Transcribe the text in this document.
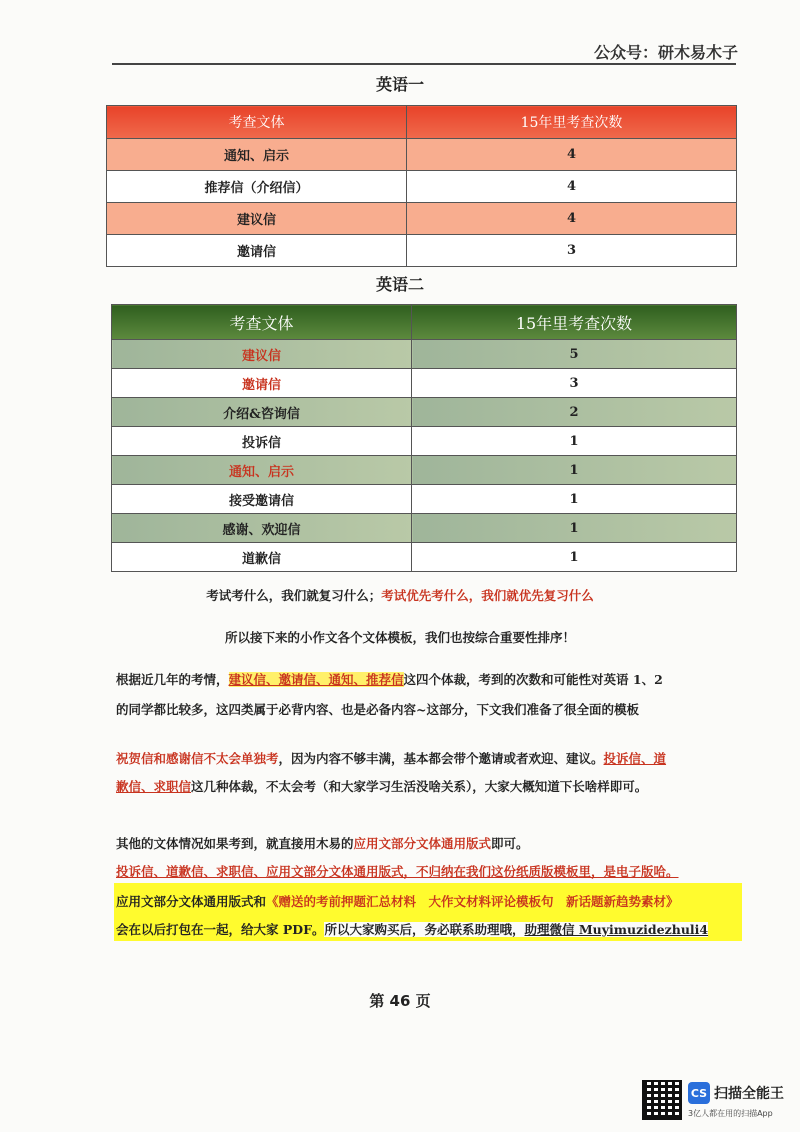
公众号：研木易木子
英语一
考查文体	15年里考查次数
通知、启示	4
推荐信（介绍信）	4
建议信	4
邀请信	3
英语二
考查文体	15年里考查次数
建议信	5
邀请信	3
介绍&咨询信	2
投诉信	1
通知、启示	1
接受邀请信	1
感谢、欢迎信	1
道歉信	1
考试考什么，我们就复习什么；考试优先考什么，我们就优先复习什么
所以接下来的小作文各个文体模板，我们也按综合重要性排序！
根据近几年的考情，建议信、邀请信、通知、推荐信这四个体裁，考到的次数和可能性对英语 1、2
的同学都比较多，这四类属于必背内容、也是必备内容~这部分，下文我们准备了很全面的模板
祝贺信和感谢信不太会单独考，因为内容不够丰满，基本都会带个邀请或者欢迎、建议。投诉信、道
歉信、求职信这几种体裁，不太会考（和大家学习生活没啥关系），大家大概知道下长啥样即可。
其他的文体情况如果考到，就直接用木易的应用文部分文体通用版式即可。
投诉信、道歉信、求职信、应用文部分文体通用版式，不归纳在我们这份纸质版模板里，是电子版哈。
应用文部分文体通用版式和《赠送的考前押题汇总材料　大作文材料评论模板句　新话题新趋势素材》
会在以后打包在一起，给大家 PDF。所以大家购买后，务必联系助理哦，助理微信 Muyimuzidezhuli4
第 46 页
CS 扫描全能王
3亿人都在用的扫描App
